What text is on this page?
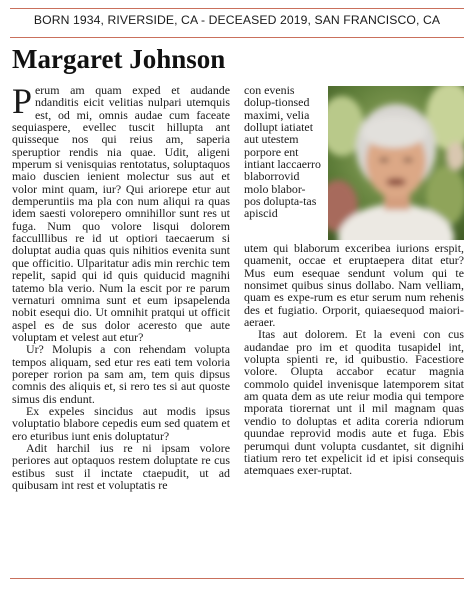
BORN 1934, RIVERSIDE, CA - DECEASED 2019, SAN FRANCISCO, CA
Margaret Johnson

Perum am quam exped et audande ndanditis eicit velitias nulpari utemquis est, od mi, omnis audae cum faceate sequiaspere, evellec tuscit hillupta ant quisseque nos qui reius am, saperia speruptior rendis nia quae. Udit, aligeni mperum si venisquias rentotatus, soluptaquos maio duscien ienient molectur sus aut et volor mint quam, iur? Qui ariorepe etur aut demperuntiis ma pla con num aliqui ra quas idem saesti volorepero omnihillor sunt res ut fuga. Num quo volore lisqui dolorem facculllibus re id ut optiori taecaerum si doluptat audia quas quis nihitios evenita sunt que officitio. Ulparitatur adis min rerchic tem repelit, sapid qui id quis quiducid magnihi tatemo bla verio. Num la escit por re parum vernaturi omnima sunt et eum ipsapelenda nobit esequi dio. Ut omnihit pratqui ut officit aspel es de sus dolor aceresto que aute voluptam et velest aut etur?

Ur? Molupis a con rehendam volupta tempos aliquam, sed etur res eati tem voloria poreper rorion pa sam am, tem quis dipsus comnis des aliquis et, si rero tes si aut quoste simus dis endunt.

Ex expeles sincidus aut modis ipsus voluptatio blabore cepedis eum sed quatem et ero eturibus iunt enis doluptatur?

Adit harchil ius re ni ipsam volore periores aut optaquos restem doluptate re cus estibus sust il inctate ctaepudit, ut ad quibusam int rest et voluptatis re

con evenis dolup-tionsed maximi, velia dollupt iatiatet aut utestem porpore ent intiant laccaerro blaborrovid molo blabor-pos dolupta-tas apiscid

utem qui blaborum exceribea iurions erspit, quamenit, occae et eruptaepera ditat etur? Mus eum esequae sendunt volum qui te nonsimet quibus sinus dollabo. Nam velliam, quam es expe-rum es etur serum num rehenis des et fugiatio. Orporit, quiaesequod maiori-aeraer.

Itas aut dolorem. Et la eveni con cus audandae pro im et quodita tusapidel int, volupta spienti re, id quibustio. Facestiore volore. Olupta accabor ecatur magnia commolo quidel invenisque latemporem sitat am quata dem as ute reiur modia qui tempore mporata tiorernat unt il mil magnam quas vendio to doluptas et adita coreria ndiorum quundae reprovid modis aute et fuga. Ebis perumqui dunt volupta cusdantet, sit dignihi tiatium rero tet expelicit id et ipisi consequis atemquaes exer-ruptat.
